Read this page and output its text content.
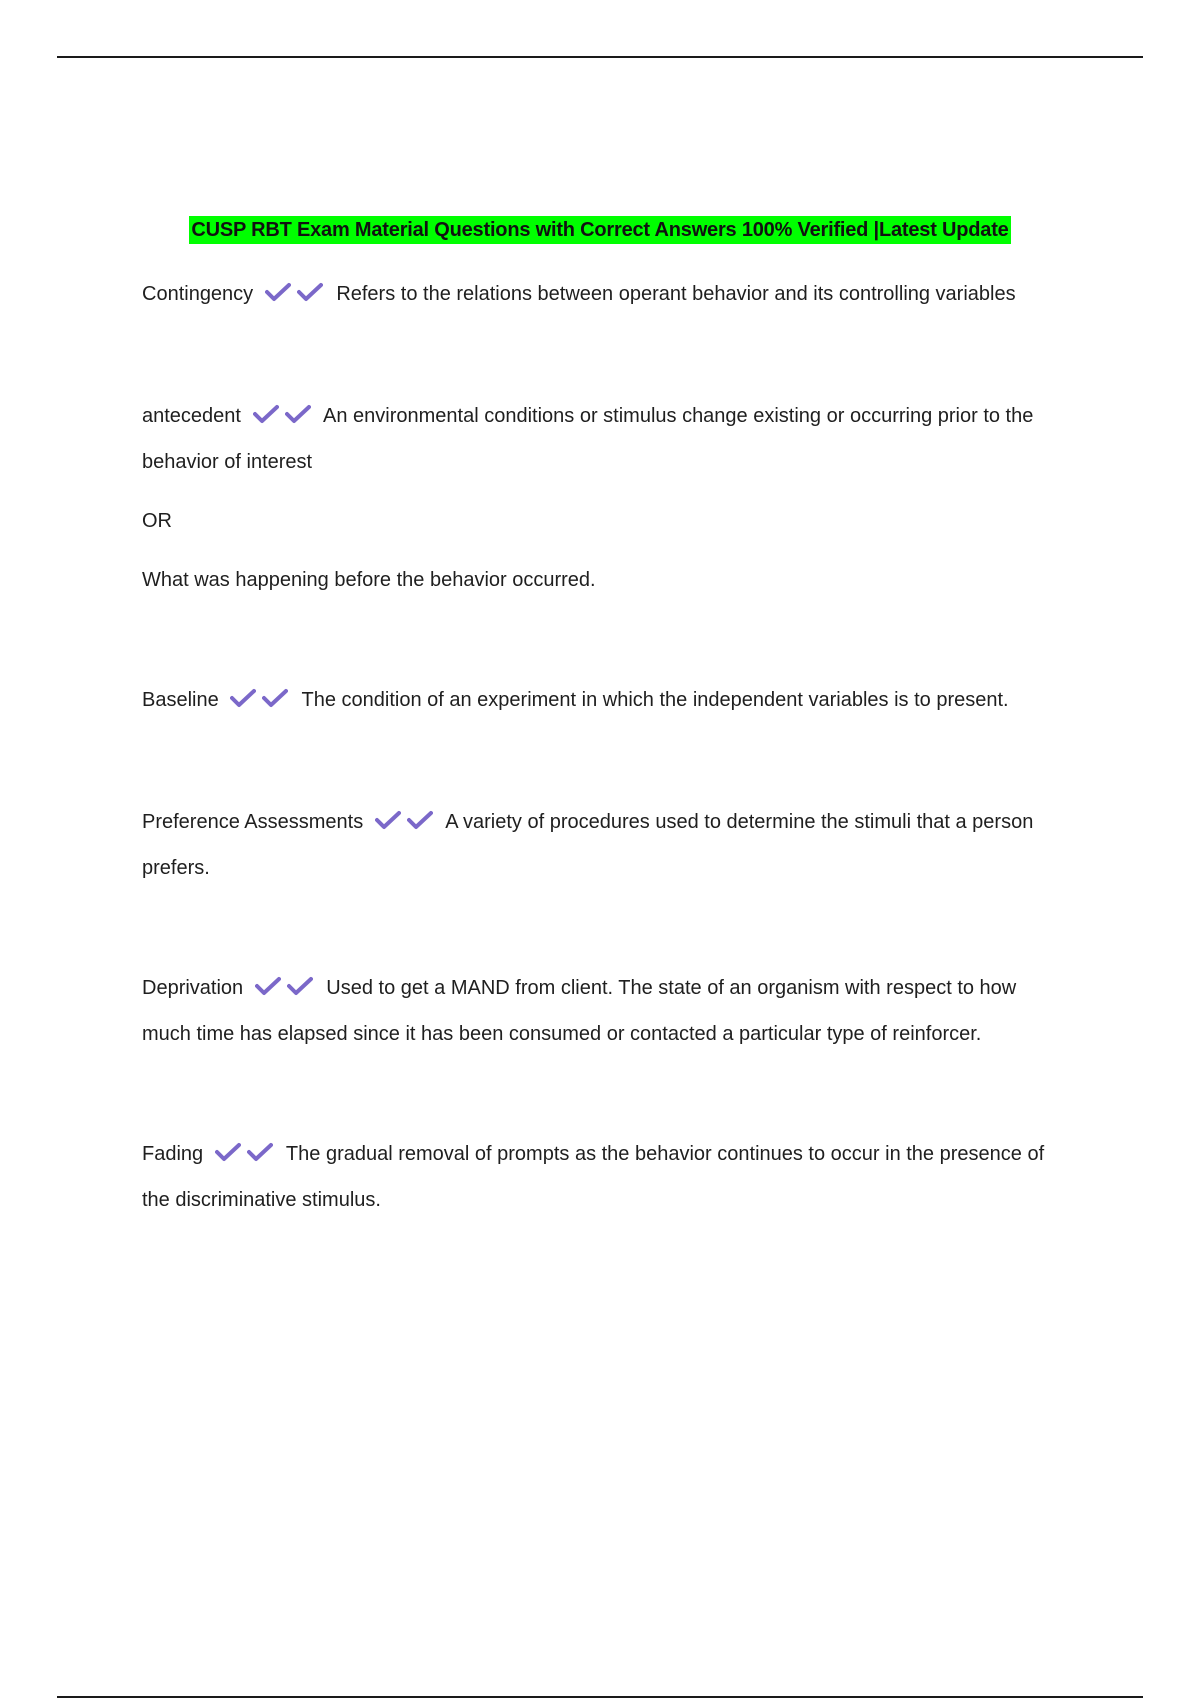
CUSP RBT Exam Material Questions with Correct Answers 100% Verified |Latest Update

Contingency	Refers to the relations between operant behavior and its controlling variables

antecedent	An environmental conditions or stimulus change existing or occurring prior to the behavior of interest

OR

What was happening before the behavior occurred.

Baseline	The condition of an experiment in which the independent variables is to present.

Preference Assessments	A variety of procedures used to determine the stimuli that a person prefers.

Deprivation	Used to get a MAND from client. The state of an organism with respect to how much time has elapsed since it has been consumed or contacted a particular type of reinforcer.

Fading	The gradual removal of prompts as the behavior continues to occur in the presence of the discriminative stimulus.
